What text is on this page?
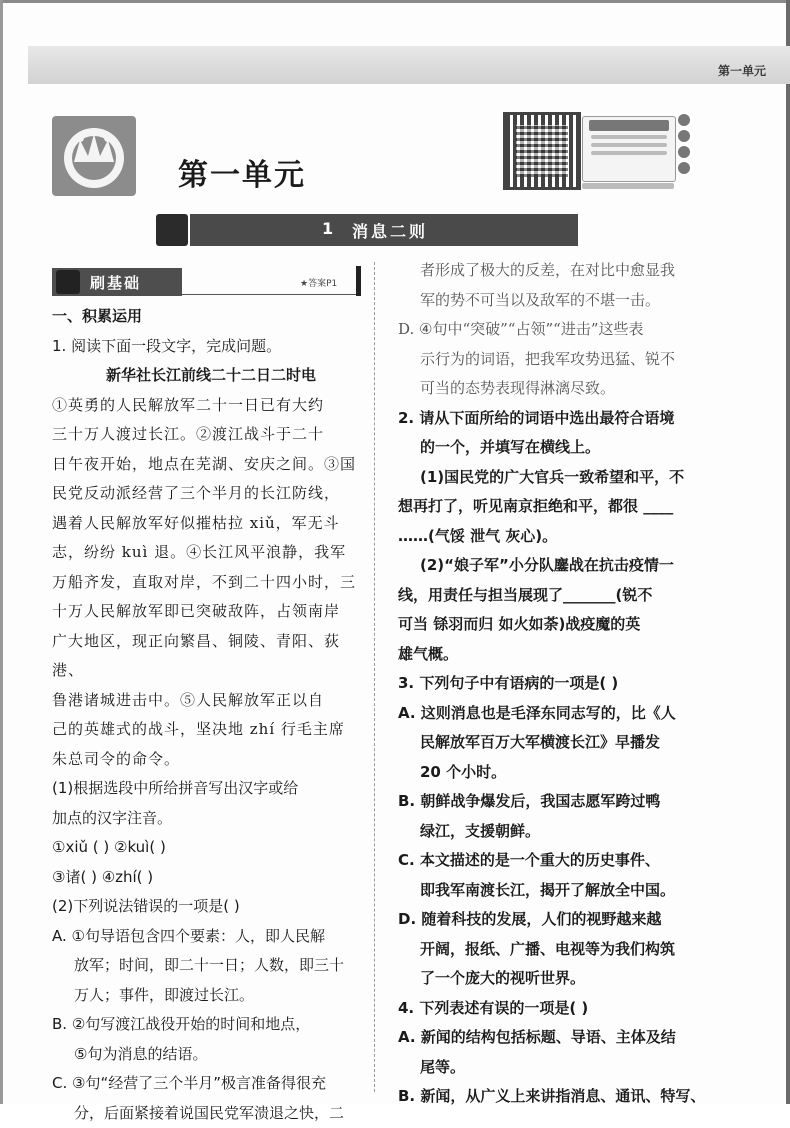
第一单元
第一单元
1 消息二则
刷基础	★答案P1

一、积累运用

1. 阅读下面一段文字，完成问题。

新华社长江前线二十二日二时电

①英勇的人民解放军二十一日已有大约

三十万人渡过长江。②渡江战斗于二十

日午夜开始，地点在芜湖、安庆之间。③国

民党反动派经营了三个半月的长江防线，

遇着人民解放军好似摧枯拉 xiǔ，军无斗

志，纷纷 kuì 退。④长江风平浪静，我军

万船齐发，直取对岸，不到二十四小时，三

十万人民解放军即已突破敌阵，占领南岸

广大地区，现正向繁昌、铜陵、青阳、荻港、

鲁港诸城进击中。⑤人民解放军正以自

己的英雄式的战斗，坚决地 zhí 行毛主席

朱总司令的命令。

(1)根据选段中所给拼音写出汉字或给

加点的汉字注音。

①xiǔ ( ) ②kuì( )

③诸( ) ④zhí( )

(2)下列说法错误的一项是( )

A. ①句导语包含四个要素：人，即人民解

放军；时间，即二十一日；人数，即三十

万人；事件，即渡过长江。

B. ②句写渡江战役开始的时间和地点，

⑤句为消息的结语。

C. ③句“经营了三个半月”极言准备得很充

分，后面紧接着说国民党军溃退之快，二

者形成了极大的反差，在对比中愈显我

军的势不可当以及敌军的不堪一击。

D. ④句中“突破”“占领”“进击”这些表

示行为的词语，把我军攻势迅猛、锐不

可当的态势表现得淋漓尽致。

2. 请从下面所给的词语中选出最符合语境

的一个，并填写在横线上。

(1)国民党的广大官兵一致希望和平，不

想再打了，听见南京拒绝和平，都很 ____

……(气馁 泄气 灰心)。

(2)“娘子军”小分队鏖战在抗击疫情一

线，用责任与担当展现了_______(锐不

可当 铩羽而归 如火如荼)战疫魔的英

雄气概。

3. 下列句子中有语病的一项是( )

A. 这则消息也是毛泽东同志写的，比《人

民解放军百万大军横渡长江》早播发

20 个小时。

B. 朝鲜战争爆发后，我国志愿军跨过鸭

绿江，支援朝鲜。

C. 本文描述的是一个重大的历史事件、

即我军南渡长江，揭开了解放全中国。

D. 随着科技的发展，人们的视野越来越

开阔，报纸、广播、电视等为我们构筑

了一个庞大的视听世界。

4. 下列表述有误的一项是( )

A. 新闻的结构包括标题、导语、主体及结

尾等。

B. 新闻，从广义上来讲指消息、通讯、特写、
